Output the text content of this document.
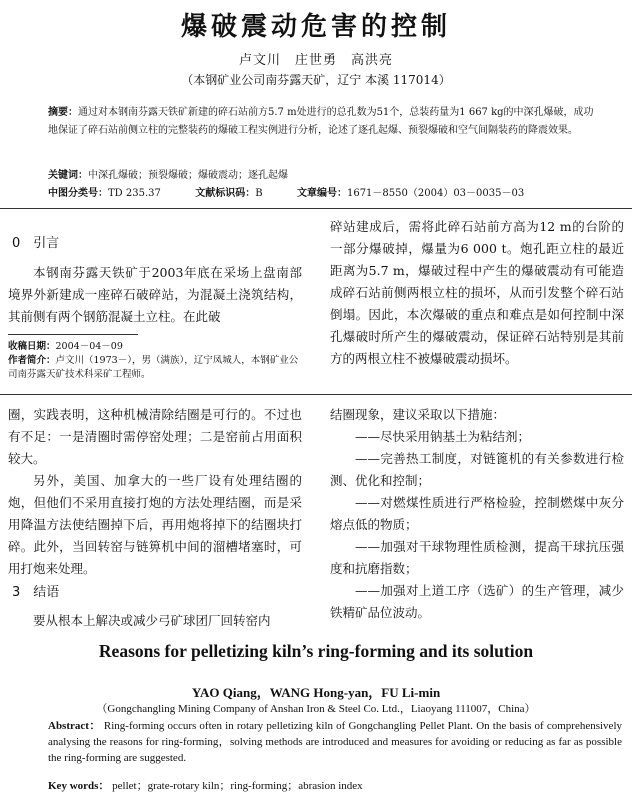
爆破震动危害的控制
卢文川　庄世勇　高洪亮
（本钢矿业公司南芬露天矿，辽宁 本溪 117014）
摘要：通过对本钢南芬露天铁矿新建的碎石站前方5.7 m处进行的总孔数为51个，总装药量为1 667 kg的中深孔爆破，成功地保证了碎石站前侧立柱的完整装药的爆破工程实例进行分析，论述了逐孔起爆、预裂爆破和空气间隔装药的降震效果。
关键词：中深孔爆破；预裂爆破；爆破震动；逐孔起爆
中图分类号：TD 235.37	文献标识码：B	文章编号：1671－8550（2004）03－0035－03
0　引言
本钢南芬露天铁矿于2003年底在采场上盘南部境界外新建成一座碎石破碎站，为混凝土浇筑结构，其前侧有两个钢筋混凝土立柱。在此破
收稿日期：2004－04－09
作者简介：卢文川（1973－），男（满族），辽宁凤城人，本钢矿业公司南芬露天矿技术科采矿工程师。
碎站建成后，需将此碎石站前方高为12 m的台阶的一部分爆破掉，爆量为6 000 t。炮孔距立柱的最近距离为5.7 m，爆破过程中产生的爆破震动有可能造成碎石站前侧两根立柱的损坏，从而引发整个碎石站倒塌。因此，本次爆破的重点和难点是如何控制中深孔爆破时所产生的爆破震动，保证碎石站特别是其前方的两根立柱不被爆破震动损坏。
圈，实践表明，这种机械清除结圈是可行的。不过也有不足：一是清圈时需停窑处理；二是窑前占用面积较大。
另外，美国、加拿大的一些厂设有处理结圈的炮，但他们不采用直接打炮的方法处理结圈，而是采用降温方法使结圈掉下后，再用炮将掉下的结圈块打碎。此外，当回转窑与链箅机中间的溜槽堵塞时，可用打炮来处理。
3　结语
要从根本上解决或减少弓矿球团厂回转窑内
结圈现象，建议采取以下措施：
——尽快采用钠基土为粘结剂；
——完善热工制度，对链篦机的有关参数进行检测、优化和控制；
——对燃煤性质进行严格检验，控制燃煤中灰分熔点低的物质；
——加强对干球物理性质检测，提高干球抗压强度和抗磨指数；
——加强对上道工序（选矿）的生产管理，减少铁精矿品位波动。
Reasons for pelletizing kiln’s ring-forming and its solution
YAO Qiang，WANG Hong-yan，FU Li-min
（Gongchangling Mining Company of Anshan Iron & Steel Co. Ltd.，Liaoyang 111007，China）
Abstract： Ring-forming occurs often in rotary pelletizing kiln of Gongchangling Pellet Plant. On the basis of comprehensively analysing the reasons for ring-forming，solving methods are introduced and measures for avoiding or reducing as far as possible the ring-forming are suggested.
Key words： pellet；grate-rotary kiln；ring-forming；abrasion index
